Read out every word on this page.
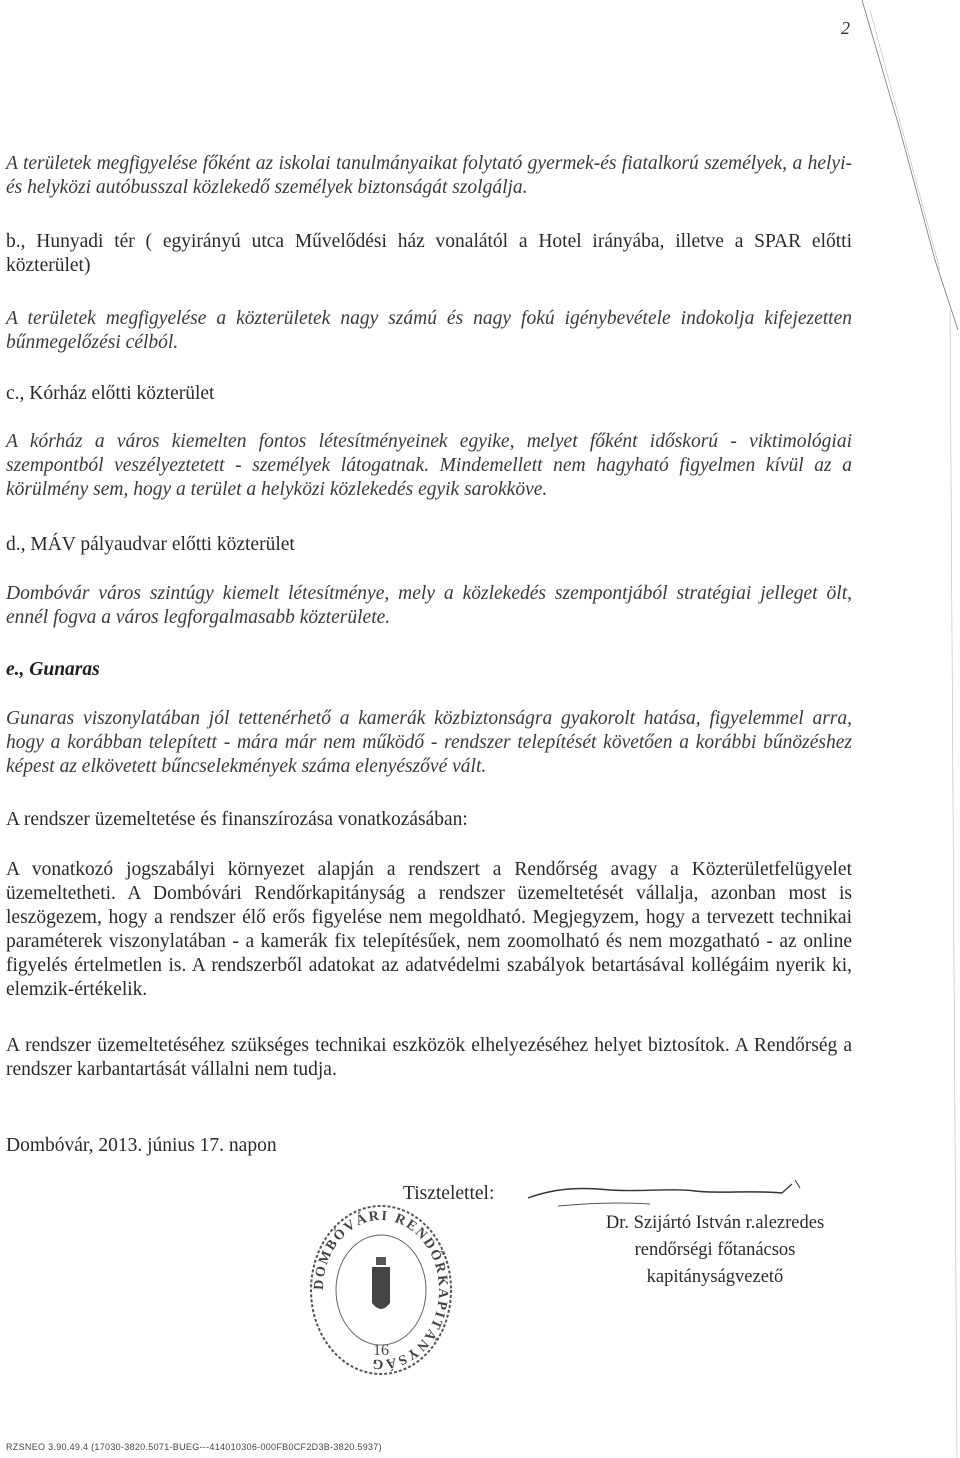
2

A területek megfigyelése főként az iskolai tanulmányaikat folytató gyermek-és fiatalkorú személyek, a helyi- és helyközi autóbusszal közlekedő személyek biztonságát szolgálja.

b., Hunyadi tér ( egyirányú utca Művelődési ház vonalától a Hotel irányába, illetve a SPAR előtti közterület)

A területek megfigyelése a közterületek nagy számú és nagy fokú igénybevétele indokolja kifejezetten bűnmegelőzési célból.

c., Kórház előtti közterület

A kórház a város kiemelten fontos létesítményeinek egyike, melyet főként időskorú - viktimológiai szempontból veszélyeztetett - személyek látogatnak. Mindemellett nem hagyható figyelmen kívül az a körülmény sem, hogy a terület a helyközi közlekedés egyik sarokköve.

d., MÁV pályaudvar előtti közterület

Dombóvár város szintúgy kiemelt létesítménye, mely a közlekedés szempontjából stratégiai jelleget ölt, ennél fogva a város legforgalmasabb közterülete.

e., Gunaras

Gunaras viszonylatában jól tettenérhető a kamerák közbiztonságra gyakorolt hatása, figyelemmel arra, hogy a korábban telepített - mára már nem működő - rendszer telepítését követően a korábbi bűnözéshez képest az elkövetett bűncselekmények száma elenyészővé vált.

A rendszer üzemeltetése és finanszírozása vonatkozásában:

A vonatkozó jogszabályi környezet alapján a rendszert a Rendőrség avagy a Közterületfelügyelet üzemeltetheti. A Dombóvári Rendőrkapitányság a rendszer üzemeltetését vállalja, azonban most is leszögezem, hogy a rendszer élő erős figyelése nem megoldható. Megjegyzem, hogy a tervezett technikai paraméterek viszonylatában - a kamerák fix telepítésűek, nem zoomolható és nem mozgatható - az online figyelés értelmetlen is. A rendszerből adatokat az adatvédelmi szabályok betartásával kollégáim nyerik ki, elemzik-értékelik.

A rendszer üzemeltetéséhez szükséges technikai eszközök elhelyezéséhez helyet biztosítok. A Rendőrség a rendszer karbantartását vállalni nem tudja.

Dombóvár, 2013. június 17. napon
Tisztelettel:
Dr. Szijártó István r.alezredes
rendőrségi főtanácsos
kapitányságvezető
DOMBÓVÁRI RENDŐRKAPITÁNYSÁG
16
RZSNEO 3.90.49.4 (17030-3820.5071-BUEG---414010306-000FB0CF2D3B-3820.5937)
